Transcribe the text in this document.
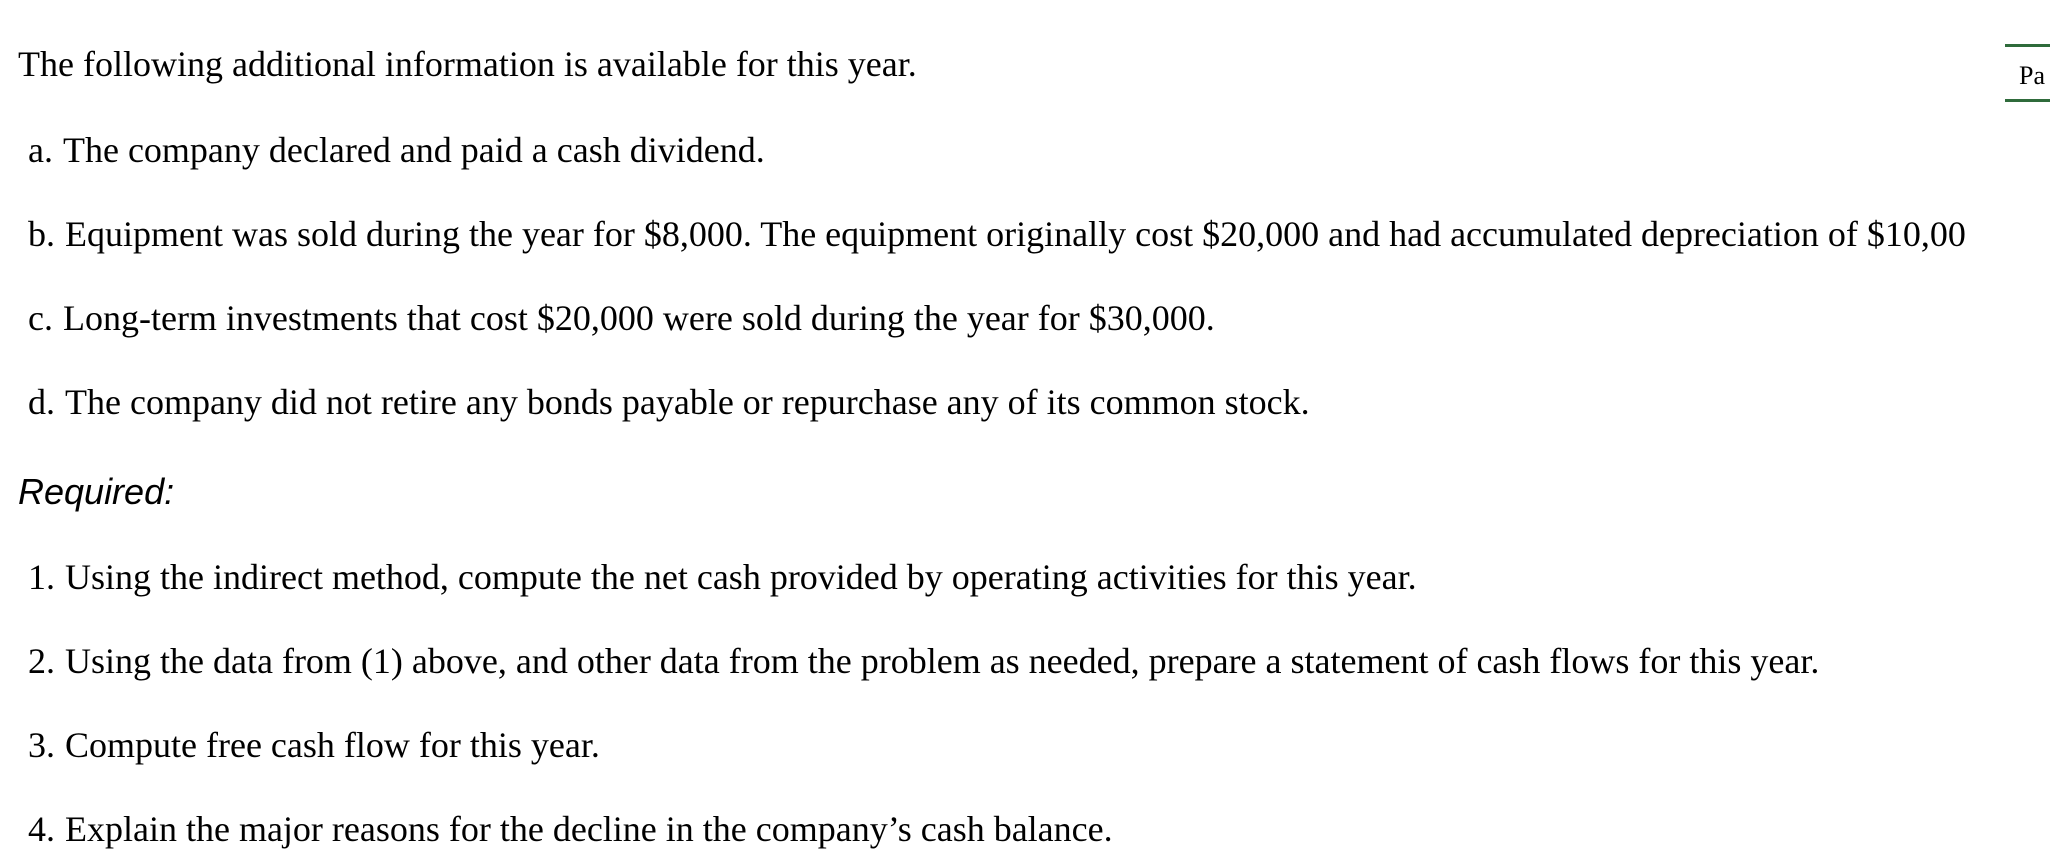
The following additional information is available for this year.

a. The company declared and paid a cash dividend.
b. Equipment was sold during the year for $8,000. The equipment originally cost $20,000 and had accumulated depreciation of $10,00
c. Long-term investments that cost $20,000 were sold during the year for $30,000.
d. The company did not retire any bonds payable or repurchase any of its common stock.
Required:
1. Using the indirect method, compute the net cash provided by operating activities for this year.
2. Using the data from (1) above, and other data from the problem as needed, prepare a statement of cash flows for this year.
3. Compute free cash flow for this year.
4. Explain the major reasons for the decline in the company’s cash balance.
Pa
